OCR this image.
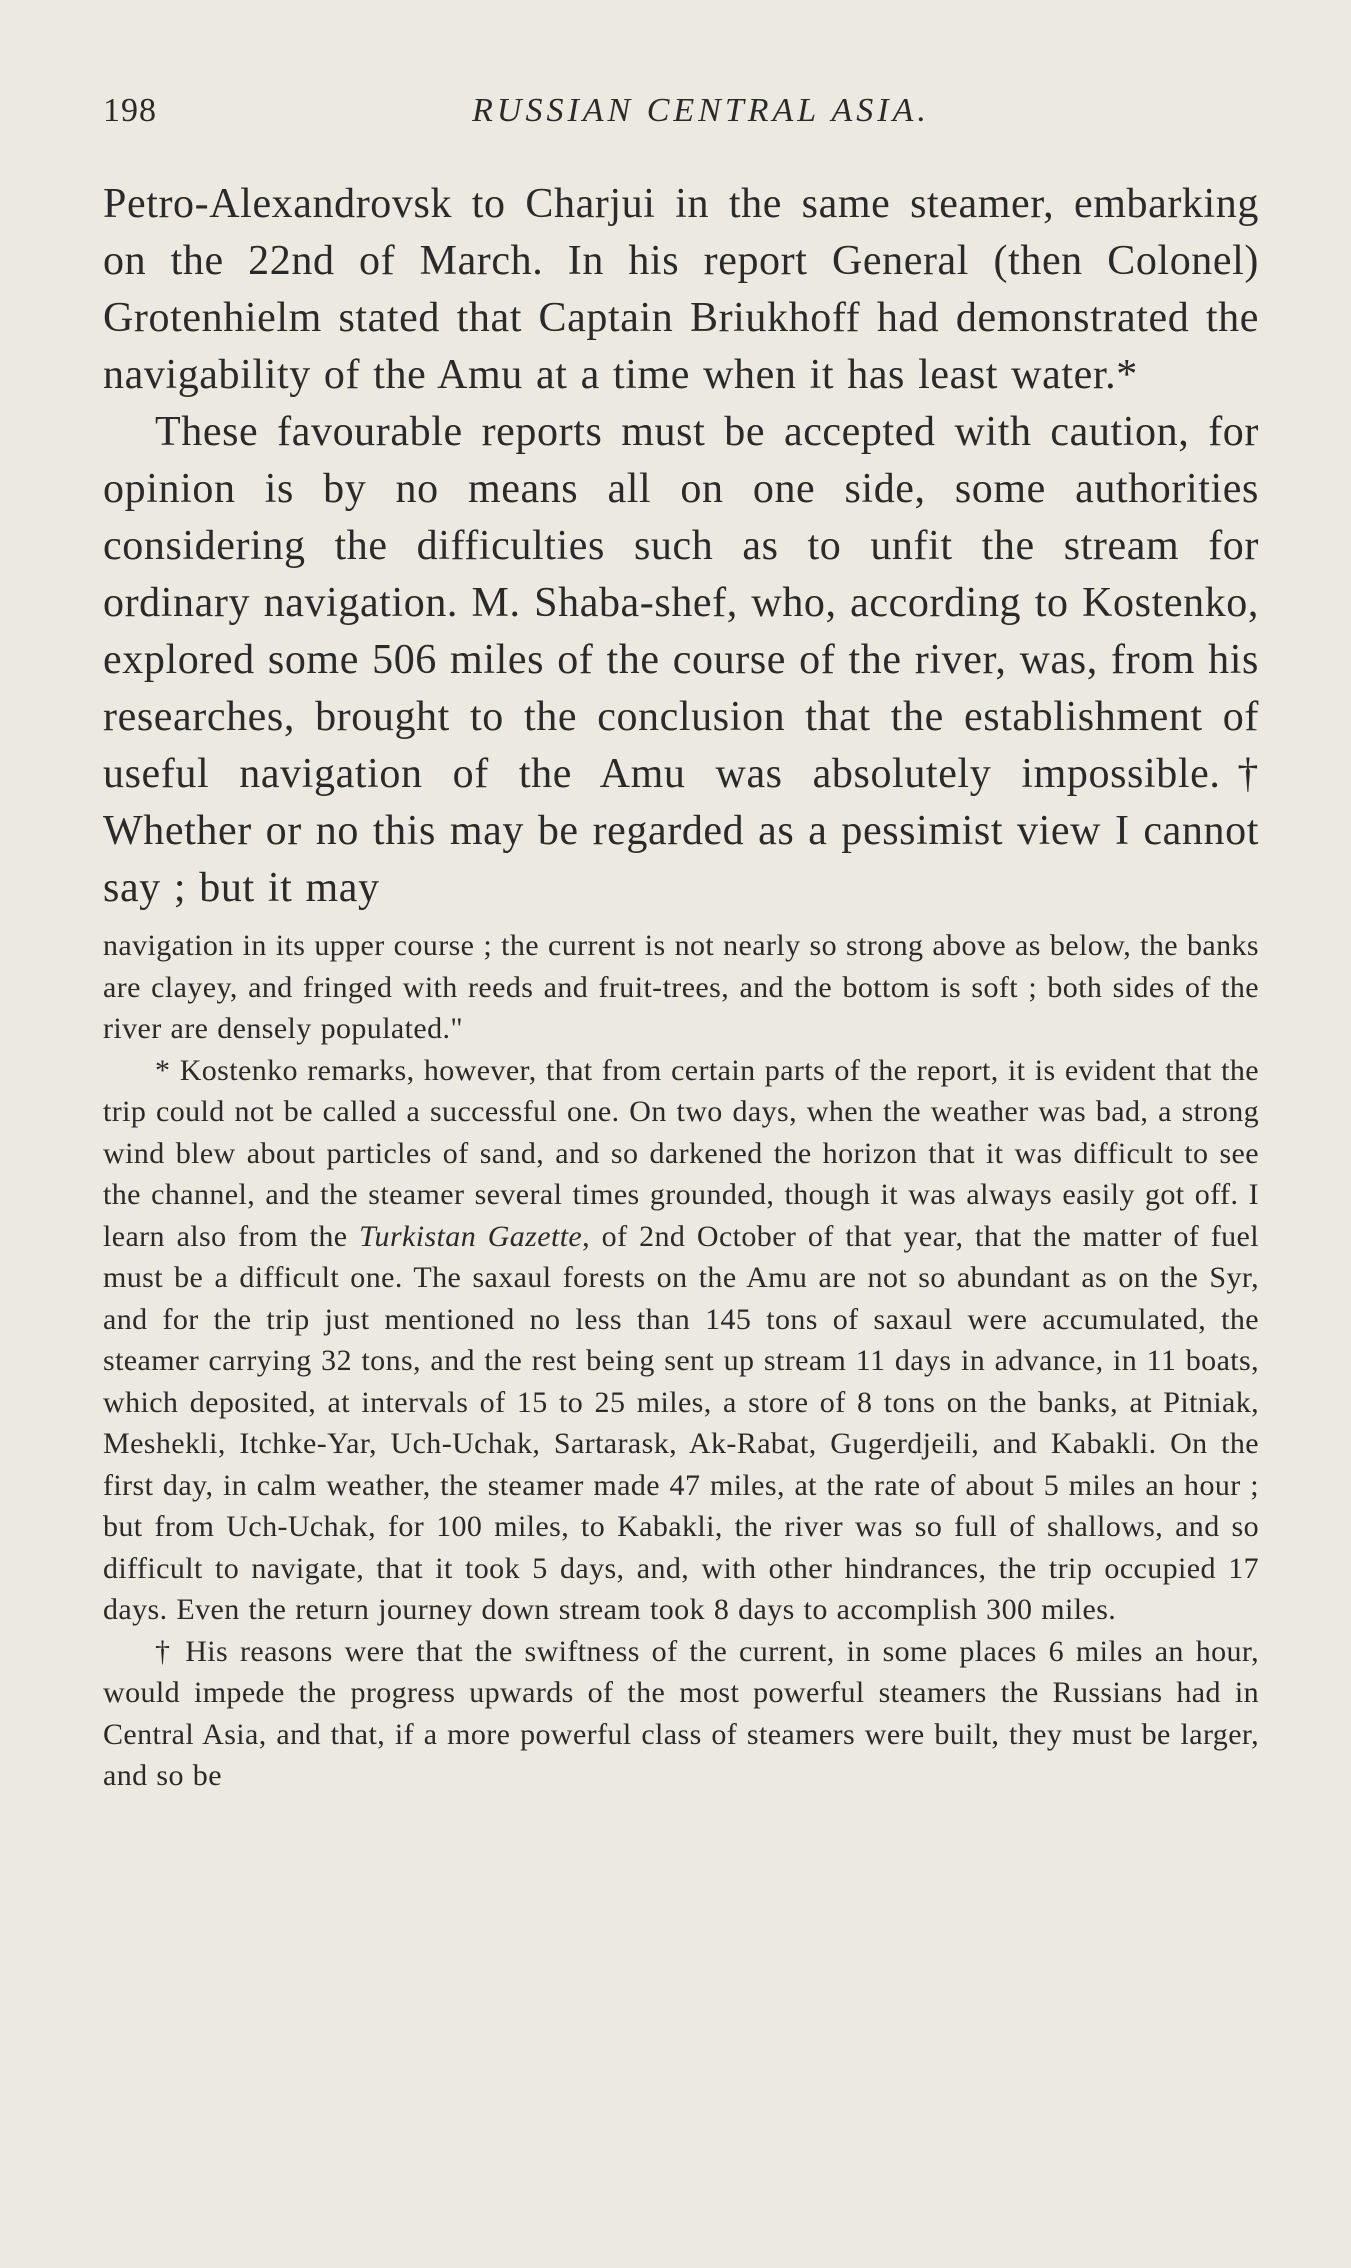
198	RUSSIAN CENTRAL ASIA.

Petro-Alexandrovsk to Charjui in the same steamer, embarking on the 22nd of March. In his report General (then Colonel) Grotenhielm stated that Captain Briukhoff had demonstrated the navigability of the Amu at a time when it has least water.*

These favourable reports must be accepted with caution, for opinion is by no means all on one side, some authorities considering the difficulties such as to unfit the stream for ordinary navigation. M. Shaba-shef, who, according to Kostenko, explored some 506 miles of the course of the river, was, from his researches, brought to the conclusion that the establishment of useful navigation of the Amu was absolutely impossible.† Whether or no this may be regarded as a pessimist view I cannot say ; but it may

navigation in its upper course ; the current is not nearly so strong above as below, the banks are clayey, and fringed with reeds and fruit-trees, and the bottom is soft ; both sides of the river are densely populated."

* Kostenko remarks, however, that from certain parts of the report, it is evident that the trip could not be called a successful one. On two days, when the weather was bad, a strong wind blew about particles of sand, and so darkened the horizon that it was difficult to see the channel, and the steamer several times grounded, though it was always easily got off. I learn also from the Turkistan Gazette, of 2nd October of that year, that the matter of fuel must be a difficult one. The saxaul forests on the Amu are not so abundant as on the Syr, and for the trip just mentioned no less than 145 tons of saxaul were accumulated, the steamer carrying 32 tons, and the rest being sent up stream 11 days in advance, in 11 boats, which deposited, at intervals of 15 to 25 miles, a store of 8 tons on the banks, at Pitniak, Meshekli, Itchke-Yar, Uch-Uchak, Sartarask, Ak-Rabat, Gugerdjeili, and Kabakli. On the first day, in calm weather, the steamer made 47 miles, at the rate of about 5 miles an hour ; but from Uch-Uchak, for 100 miles, to Kabakli, the river was so full of shallows, and so difficult to navigate, that it took 5 days, and, with other hindrances, the trip occupied 17 days. Even the return journey down stream took 8 days to accomplish 300 miles.

† His reasons were that the swiftness of the current, in some places 6 miles an hour, would impede the progress upwards of the most powerful steamers the Russians had in Central Asia, and that, if a more powerful class of steamers were built, they must be larger, and so be
